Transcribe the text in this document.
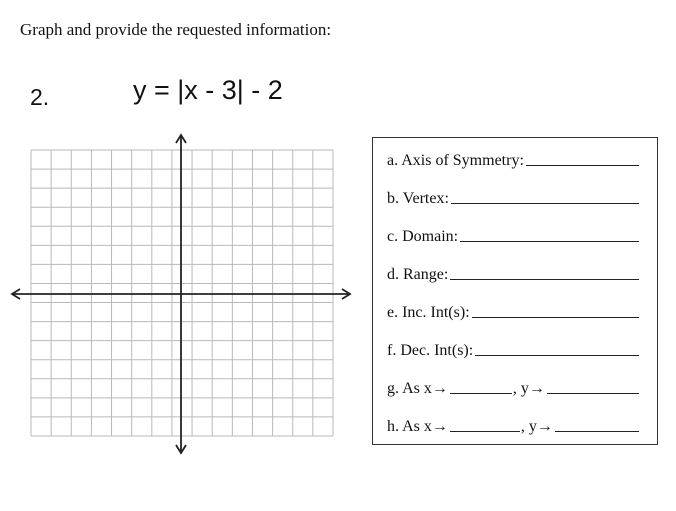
Graph and provide the requested information:
2.	y = |x - 3| - 2
a. Axis of Symmetry:
b. Vertex:
c. Domain:
d. Range:
e. Inc. Int(s):
f. Dec. Int(s):
g. As x→	, y→
h. As x→	, y→
